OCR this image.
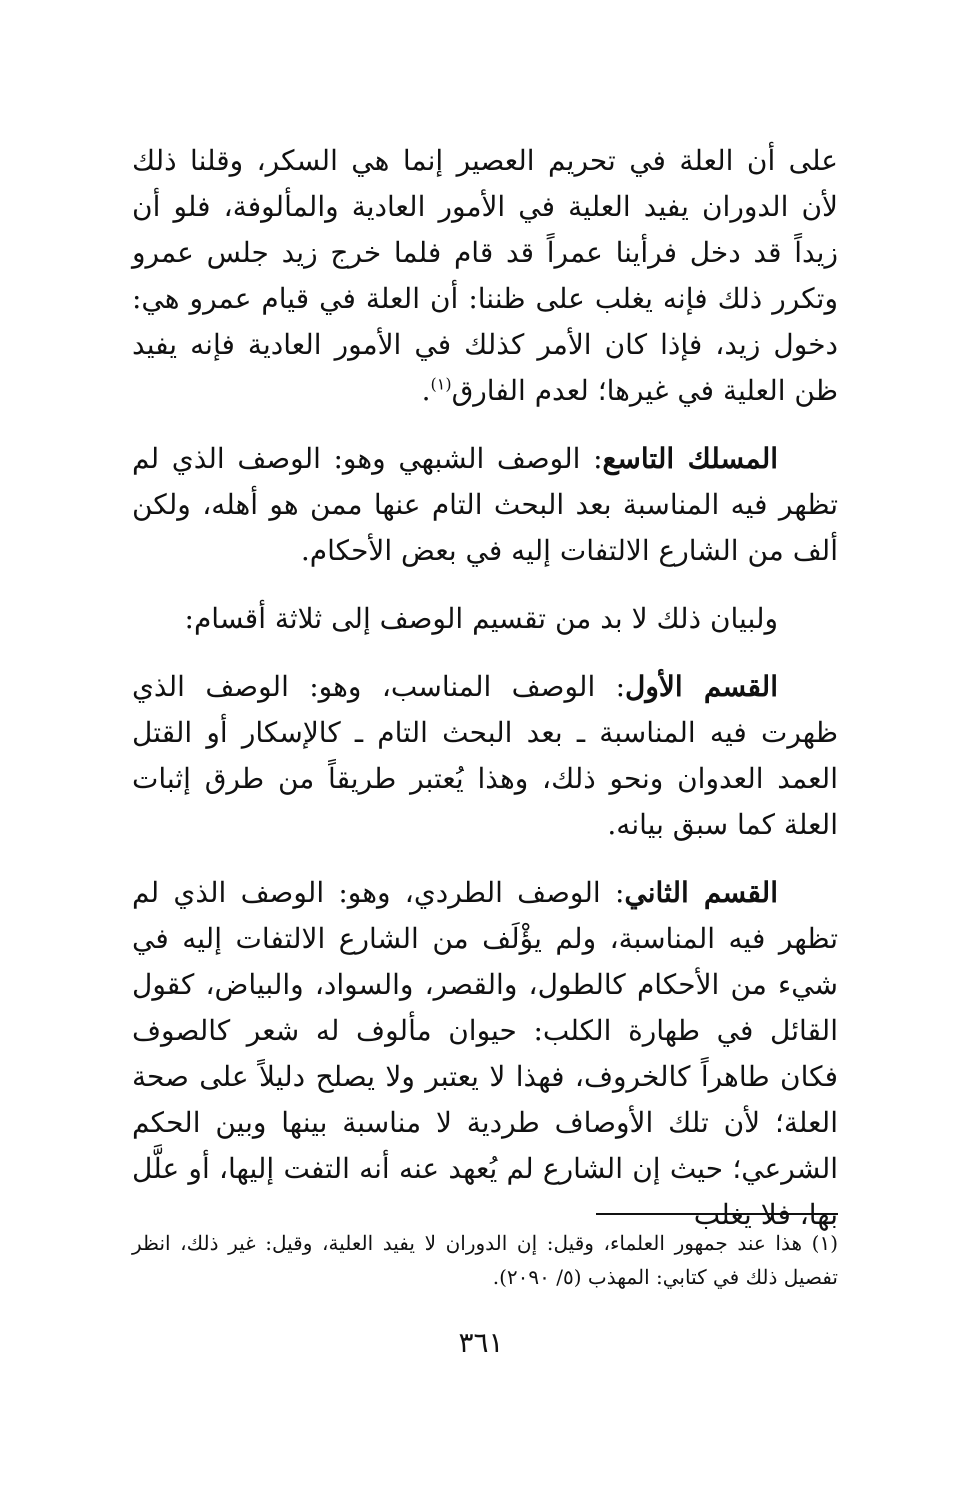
على أن العلة في تحريم العصير إنما هي السكر، وقلنا ذلك لأن الدوران يفيد العلية في الأمور العادية والمألوفة، فلو أن زيداً قد دخل فرأينا عمراً قد قام فلما خرج زيد جلس عمرو وتكرر ذلك فإنه يغلب على ظننا: أن العلة في قيام عمرو هي: دخول زيد، فإذا كان الأمر كذلك في الأمور العادية فإنه يفيد ظن العلية في غيرها؛ لعدم الفارق$^{(١)}$.

المسلك التاسع: الوصف الشبهي وهو: الوصف الذي لم تظهر فيه المناسبة بعد البحث التام عنها ممن هو أهله، ولكن ألف من الشارع الالتفات إليه في بعض الأحكام.

ولبيان ذلك لا بد من تقسيم الوصف إلى ثلاثة أقسام:

القسم الأول: الوصف المناسب، وهو: الوصف الذي ظهرت فيه المناسبة ـ بعد البحث التام ـ كالإسكار أو القتل العمد العدوان ونحو ذلك، وهذا يُعتبر طريقاً من طرق إثبات العلة كما سبق بيانه.

القسم الثاني: الوصف الطردي، وهو: الوصف الذي لم تظهر فيه المناسبة، ولم يؤْلَف من الشارع الالتفات إليه في شيء من الأحكام كالطول، والقصر، والسواد، والبياض، كقول القائل في طهارة الكلب: حيوان مألوف له شعر كالصوف فكان طاهراً كالخروف، فهذا لا يعتبر ولا يصلح دليلاً على صحة العلة؛ لأن تلك الأوصاف طردية لا مناسبة بينها وبين الحكم الشرعي؛ حيث إن الشارع لم يُعهد عنه أنه التفت إليها، أو علَّل بها، فلا يغلب

(١) هذا عند جمهور العلماء، وقيل: إن الدوران لا يفيد العلية، وقيل: غير ذلك، انظر تفصيل ذلك في كتابي: المهذب (٥/ ٢٠٩٠).
٣٦١
